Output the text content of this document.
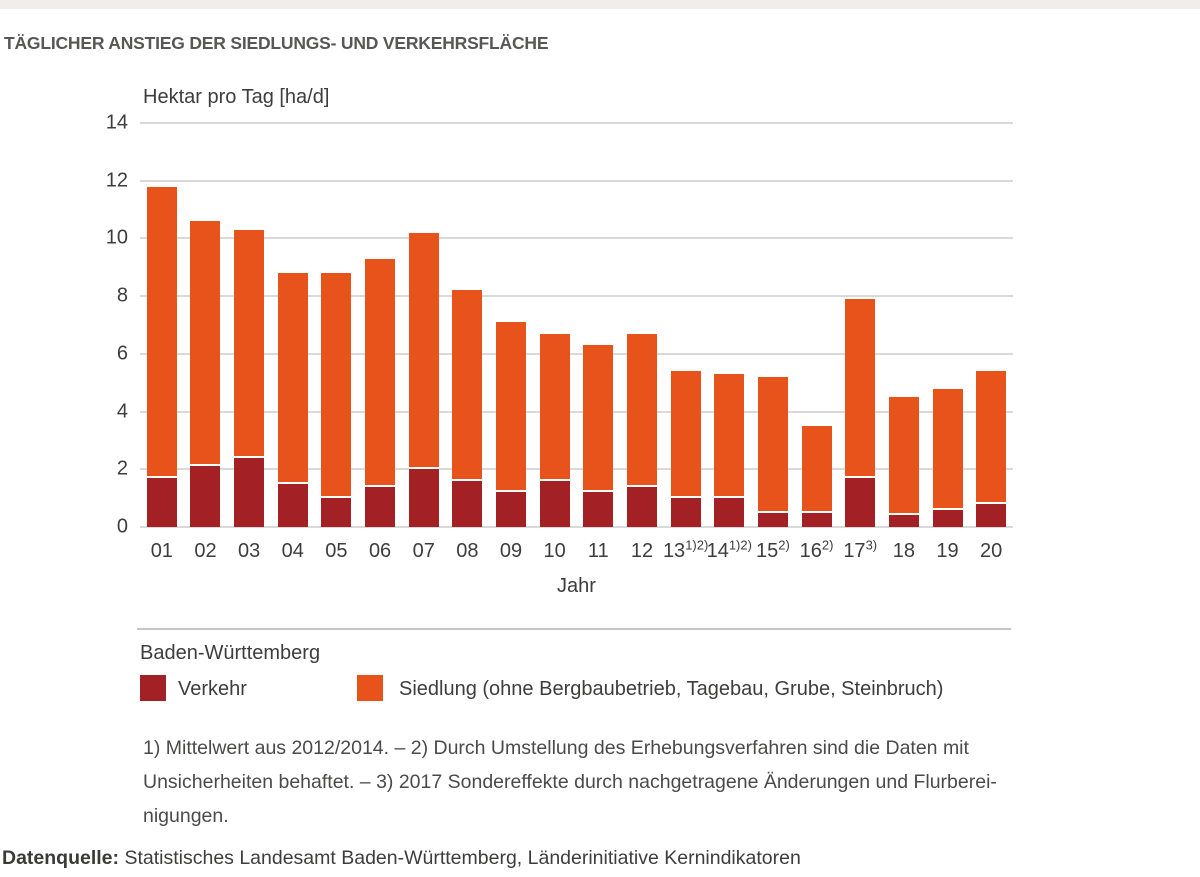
TÄGLICHER ANSTIEG DER SIEDLUNGS- UND VERKEHRSFLÄCHE
Hektar pro Tag [ha/d]
0
2
4
6
8
10
12
14
01 02 03 04 05 06 07 08 09 10 11 12 $13^{1)2)}$
$14^{1)2)}$ 15$^{2)}$ 16$^{2)}$ 17$^{3)}$ 18 19 20
Jahr
Baden-Württemberg
Verkehr	Siedlung (ohne Bergbaubetrieb, Tagebau, Grube, Steinbruch)
1) Mittelwert aus 2012/2014. – 2) Durch Umstellung des Erhebungsverfahren sind die Daten mit
Unsicherheiten behaftet. – 3) 2017 Sondereffekte durch nachgetragene Änderungen und Flurberei-
nigungen.
Datenquelle: Statistisches Landesamt Baden-Württemberg, Länderinitiative Kernindikatoren
